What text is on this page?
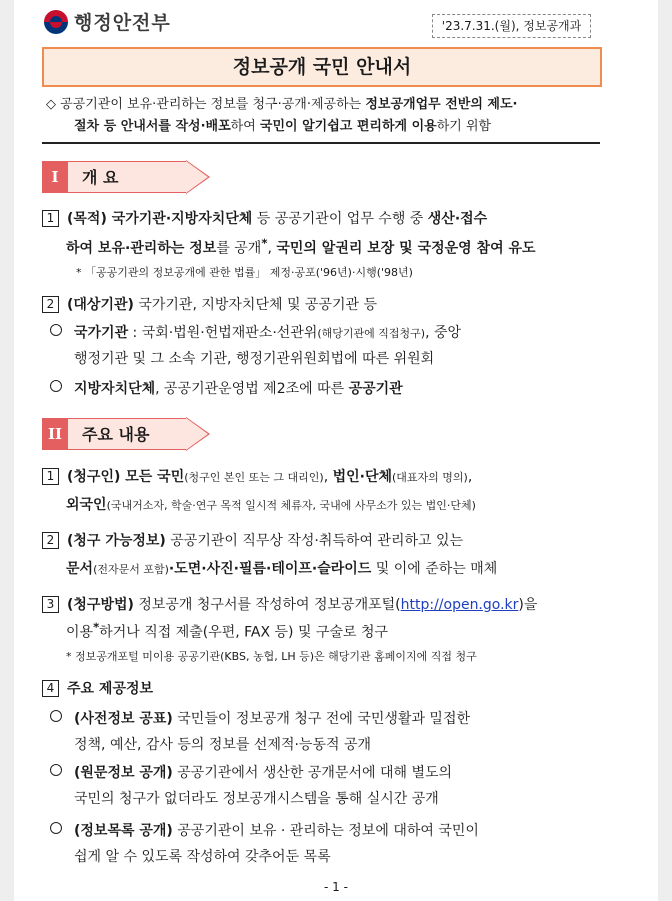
행정안전부	'23.7.31.(월), 정보공개과
정보공개 국민 안내서
◇ 공공기관이 보유·관리하는 정보를 청구·공개·제공하는 정보공개업무 전반의 제도·
절차 등 안내서를 작성·배포하여 국민이 알기쉽고 편리하게 이용하기 위함
I	개 요
1 (목적) 국가기관·지방자치단체 등 공공기관이 업무 수행 중 생산·접수
하여 보유·관리하는 정보를 공개*, 국민의 알권리 보장 및 국정운영 참여 유도
* 「공공기관의 정보공개에 관한 법률」 제정·공포('96년)·시행('98년)
2 (대상기관) 국가기관, 지방자치단체 및 공공기관 등
국가기관 : 국회·법원·헌법재판소·선관위(해당기관에 직접청구), 중앙
행정기관 및 그 소속 기관, 행정기관위원회법에 따른 위원회
지방자치단체, 공공기관운영법 제2조에 따른 공공기관
II	주요 내용
1 (청구인) 모든 국민(청구인 본인 또는 그 대리인), 법인·단체(대표자의 명의),
외국인(국내거소자, 학술·연구 목적 일시적 체류자, 국내에 사무소가 있는 법인·단체)
2 (청구 가능정보) 공공기관이 직무상 작성·취득하여 관리하고 있는
문서(전자문서 포함)·도면·사진·필름·테이프·슬라이드 및 이에 준하는 매체
3 (청구방법) 정보공개 청구서를 작성하여 정보공개포털(http://open.go.kr)을
이용*하거나 직접 제출(우편, FAX 등) 및 구술로 청구
* 정보공개포털 미이용 공공기관(KBS, 농협, LH 등)은 해당기관 홈페이지에 직접 청구
4 주요 제공정보
(사전정보 공표) 국민들이 정보공개 청구 전에 국민생활과 밀접한
정책, 예산, 감사 등의 정보를 선제적·능동적 공개
(원문정보 공개) 공공기관에서 생산한 공개문서에 대해 별도의
국민의 청구가 없더라도 정보공개시스템을 통해 실시간 공개
(정보목록 공개) 공공기관이 보유 · 관리하는 정보에 대하여 국민이
쉽게 알 수 있도록 작성하여 갖추어둔 목록
- 1 -
